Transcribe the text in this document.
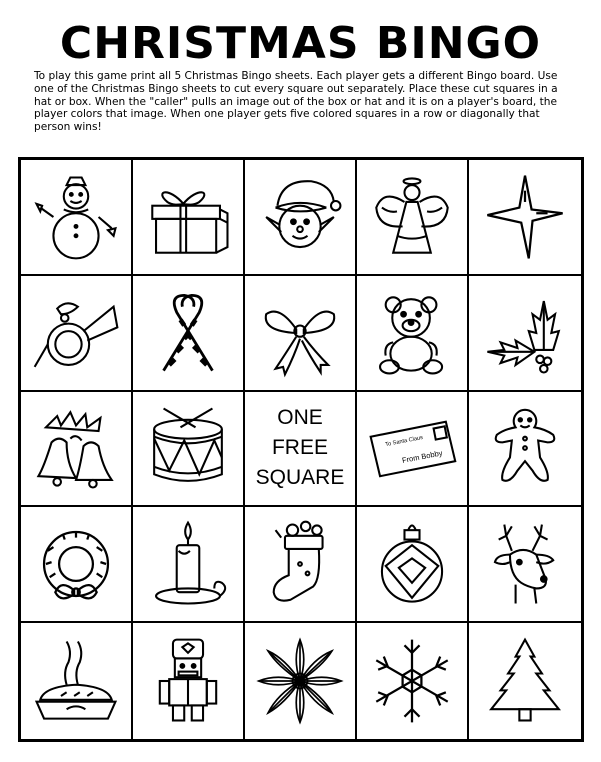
CHRISTMAS BINGO
To play this game print all 5 Christmas Bingo sheets. Each player gets a different Bingo board. Use one of the Christmas Bingo sheets to cut every square out separately. Place these cut squares in a hat or box. When the "caller" pulls an image out of the box or hat and it is on a player's board, the player colors that image. When one player gets five colored squares in a row or diagonally that person wins!
ONE
FREE
SQUARE
To Santa Claus
From Bobby
